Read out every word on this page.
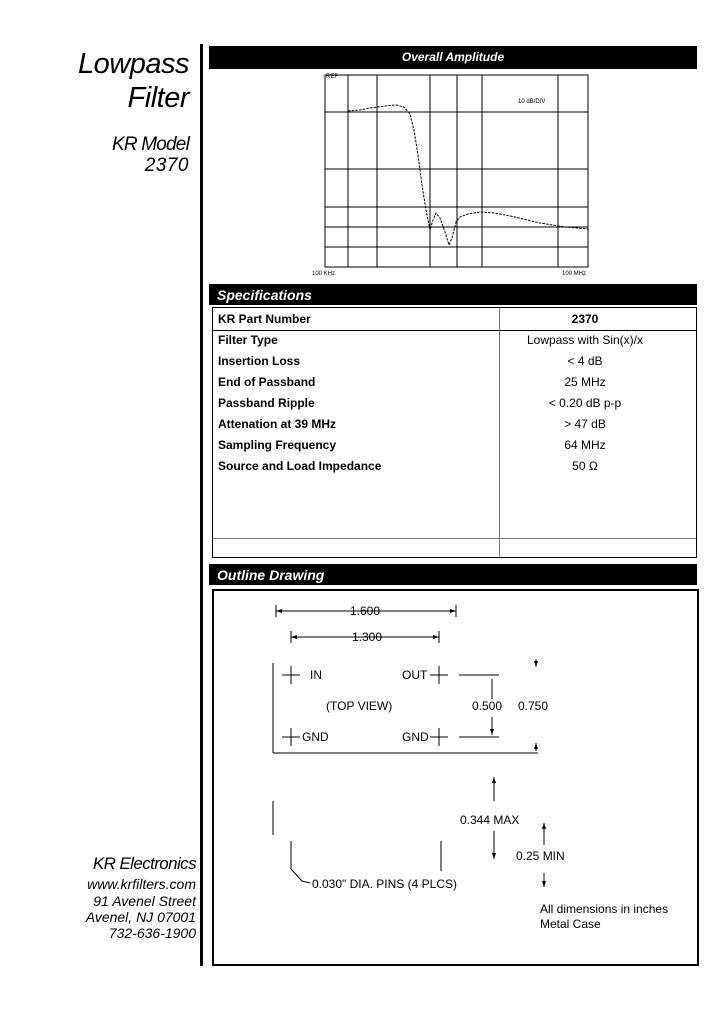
Lowpass
Filter
KR Model
2370
KR Electronics
www.krfilters.com
91 Avenel Street
Avenel, NJ 07001
732-636-1900
Overall Amplitude
REF
10 dB/DIV
100 KHz	100 MHz
Specifications
KR Part Number	2370
Filter Type	Lowpass with Sin(x)/x
Insertion Loss	< 4 dB
End of Passband	25 MHz
Passband Ripple	< 0.20 dB p-p
Attenation at 39 MHz	> 47 dB
Sampling Frequency	64 MHz
Source and Load Impedance	50 Ω
Outline Drawing
1.600
1.300
IN	OUT
(TOP VIEW)
GND	GND
0.500 0.750
0.344 MAX
0.25 MIN
0.030" DIA. PINS (4 PLCS)
All dimensions in inches
Metal Case
